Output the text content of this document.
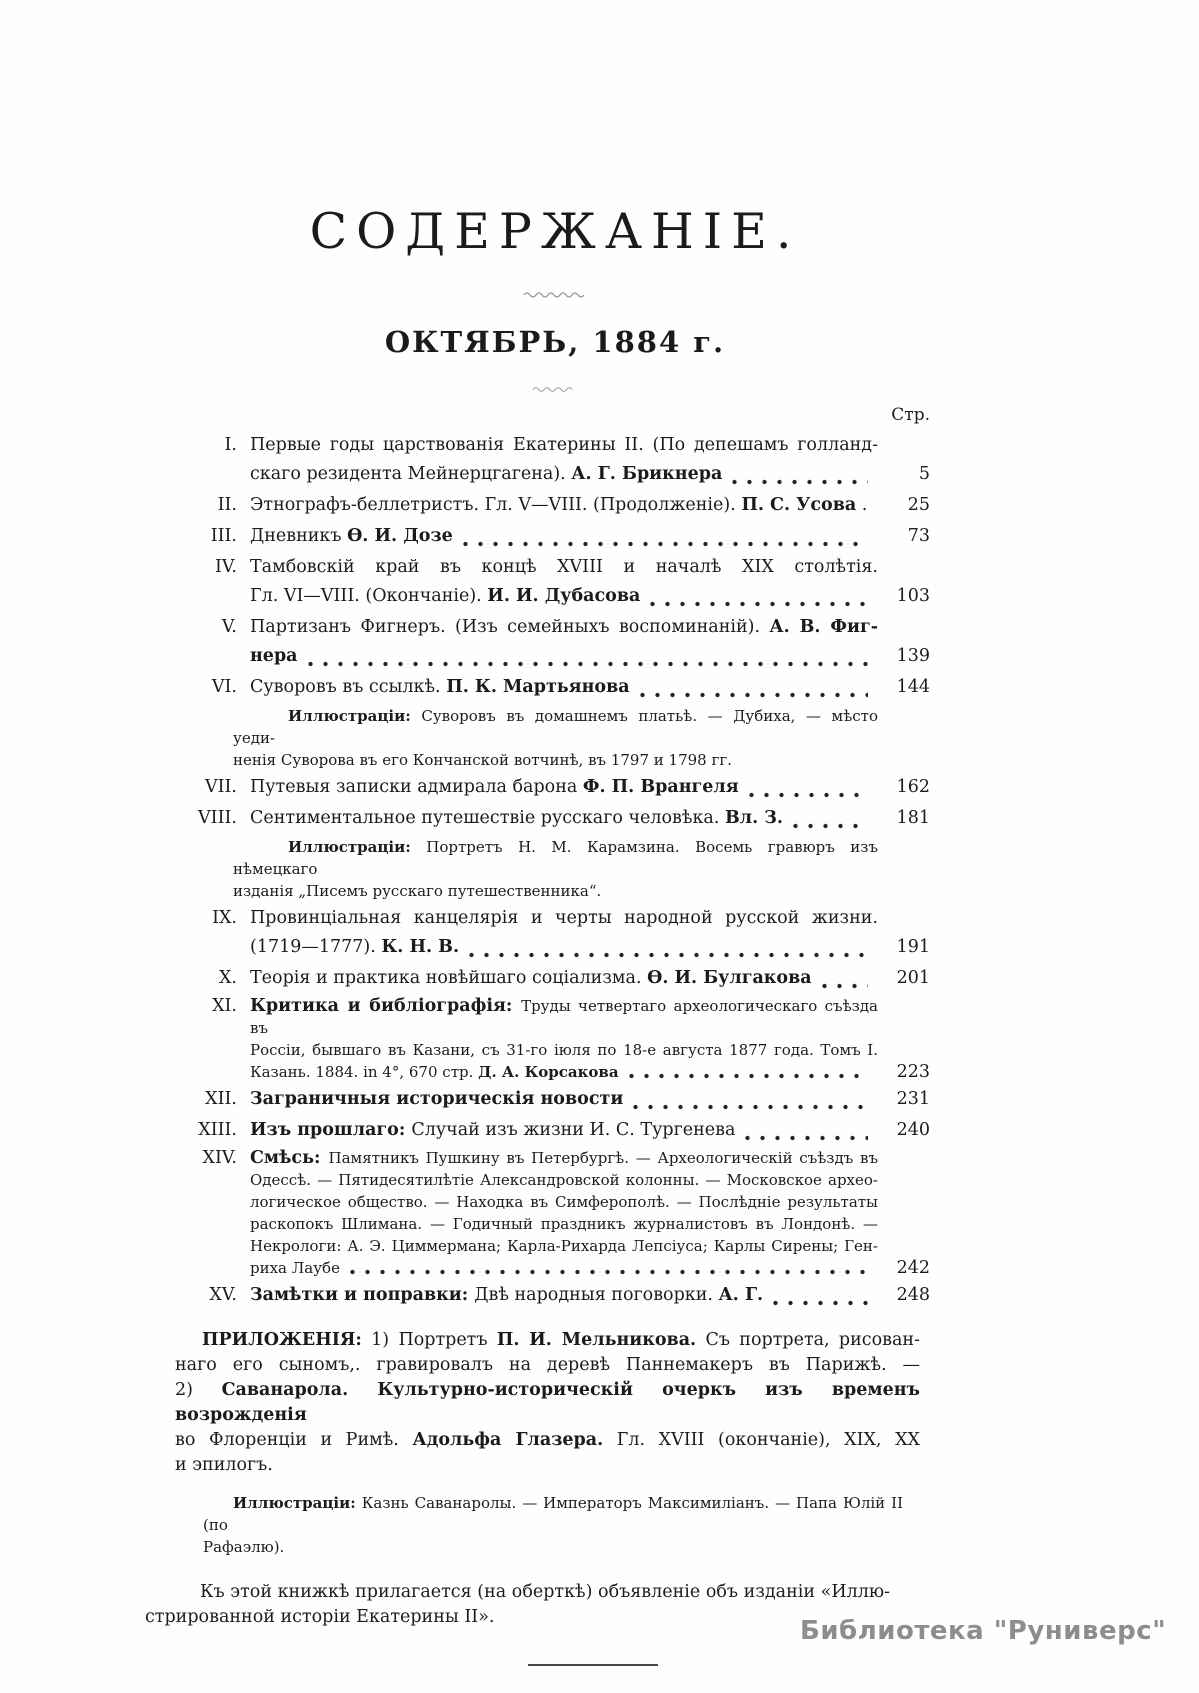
СОДЕРЖАНІЕ.
ОКТЯБРЬ, 1884 г.
Стр.
I. Первые годы царствованія Екатерины II. (По депешамъ голланд-
скаго резидента Мейнерцгагена). А. Г. Брикнера	5
II. Этнографъ-беллетристъ. Гл. V—VIII. (Продолженіе). П. С. Усова .	25
III. Дневникъ Ѳ. И. Дозе	73
IV. Тамбовскій край въ концѣ XVIII и началѣ XIX столѣтія.
Гл. VI—VIII. (Окончаніе). И. И. Дубасова	103
V. Партизанъ Фигнеръ. (Изъ семейныхъ воспоминаній). А. В. Фиг-
нера	139
VI. Суворовъ въ ссылкѣ. П. К. Мартьянова	144
Иллюстраціи: Суворовъ въ домашнемъ платьѣ. — Дубиха, — мѣсто уеди-
ненія Суворова въ его Кончанской вотчинѣ, въ 1797 и 1798 гг.
VII. Путевыя записки адмирала барона Ф. П. Врангеля	162
VIII. Сентиментальное путешествіе русскаго человѣка. Вл. З.	181
Иллюстраціи: Портретъ Н. М. Карамзина. Восемь гравюръ изъ нѣмецкаго
изданія „Писемъ русскаго путешественника“.
IX. Провинціальная канцелярія и черты народной русской жизни.
(1719—1777). К. Н. В.	191
X. Теорія и практика новѣйшаго соціализма. Ѳ. И. Булгакова	201
XI. Критика и библіографія: Труды четвертаго археологическаго съѣзда въ
Россіи, бывшаго въ Казани, съ 31-го іюля по 18-е августа 1877 года. Томъ I.
Казань. 1884. in 4°, 670 стр. Д. А. Корсакова	223
XII. Заграничныя историческія новости	231
XIII. Изъ прошлаго: Случай изъ жизни И. С. Тургенева	240
XIV. Смѣсь: Памятникъ Пушкину въ Петербургѣ. — Археологическій съѣздъ въ
Одессѣ. — Пятидесятилѣтіе Александровской колонны. — Московское архео-
логическое общество. — Находка въ Симферополѣ. — Послѣдніе результаты
раскопокъ Шлимана. — Годичный праздникъ журналистовъ въ Лондонѣ. —
Некрологи: А. Э. Циммермана; Карла-Рихарда Лепсіуса; Карлы Сирены; Ген-
риха Лаубе	242
XV. Замѣтки и поправки: Двѣ народныя поговорки. А. Г.	248
ПРИЛОЖЕНІЯ: 1) Портретъ П. И. Мельникова. Съ портрета, рисован-
наго его сыномъ,. гравировалъ на деревѣ Паннемакеръ въ Парижѣ. —
2) Саванарола. Культурно-историческій очеркъ изъ временъ возрожденія
во Флоренціи и Римѣ. Адольфа Глазера. Гл. XVIII (окончаніе), XIX, XX
и эпилогъ.
Иллюстраціи: Казнь Саванаролы. — Императоръ Максимиліанъ. — Папа Юлій II (по
Рафаэлю).
Къ этой книжкѣ прилагается (на оберткѣ) объявленіе объ изданіи «Иллю-
стрированной исторіи Екатерины II».	Библиотека "Руниверс"
